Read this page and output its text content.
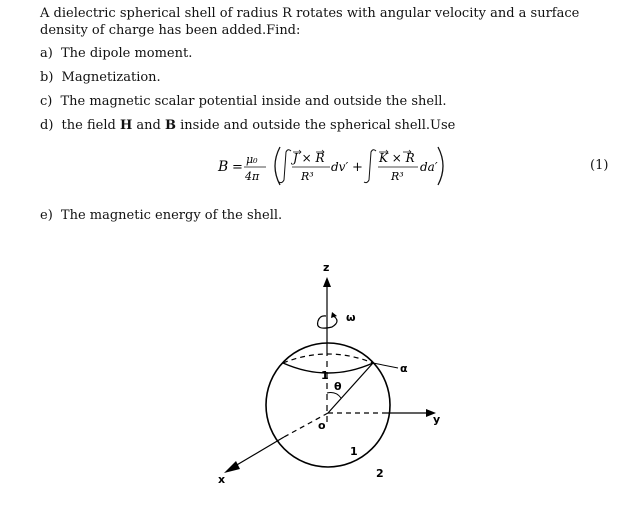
A dielectric spherical shell of radius R rotates with angular velocity and a surface density of charge has been added.Find:
a) The dipole moment.
b) Magnetization.
c) The magnetic scalar potential inside and outside the shell.
d) the field H and B inside and outside the spherical shell.Use
B =
μ₀
4π
J × R
R³
dv′ +
K × R
R³
da′	(1)
e) The magnetic energy of the shell.
z
ω
y
x
α
θ
o
1
1
2
